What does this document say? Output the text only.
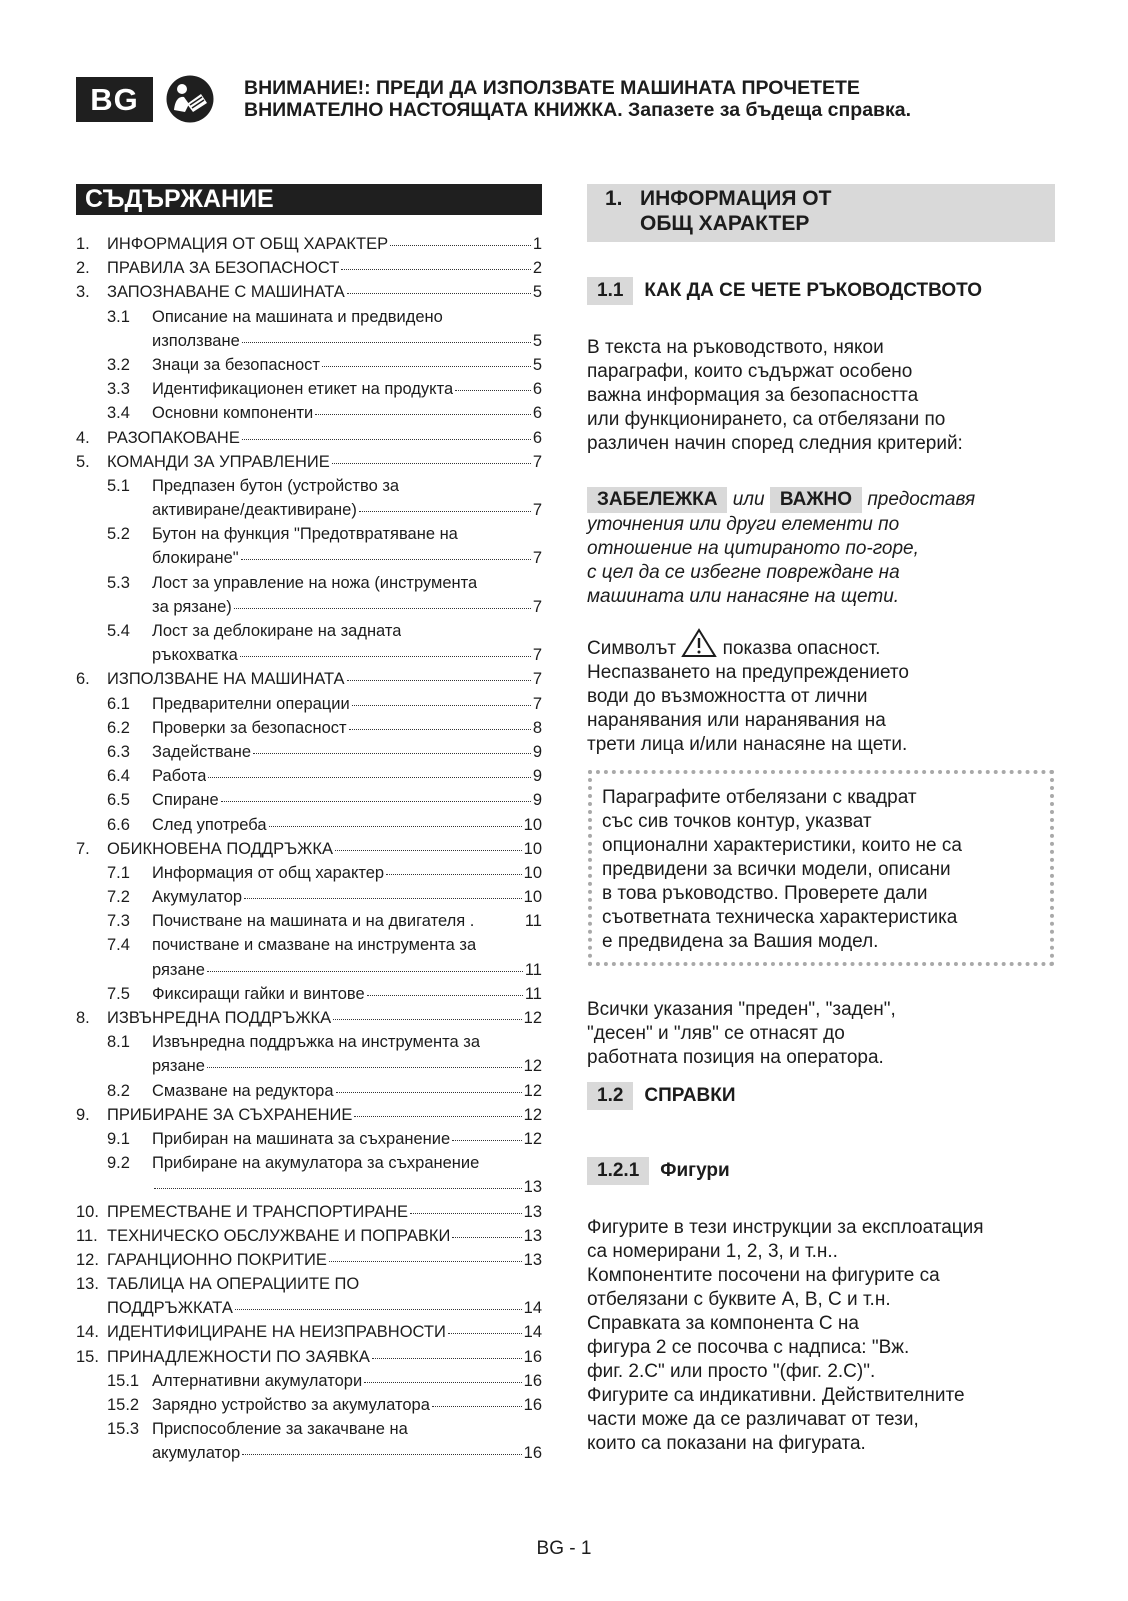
BG	ВНИМАНИЕ!: ПРЕДИ ДА ИЗПОЛЗВАТЕ МАШИНАТА ПРОЧЕТЕТЕ
ВНИМАТЕЛНО НАСТОЯЩАТА КНИЖКА. Запазете за бъдеща справка.
СЪДЪРЖАНИЕ
1.	ИНФОРМАЦИЯ ОТ ОБЩ ХАРАКТЕР	1
2.	ПРАВИЛА ЗА БЕЗОПАСНОСТ	2
3.	ЗАПОЗНАВАНЕ С МАШИНАТА	5
3.1	Описание на машината и предвидено
използване	5
3.2	Знаци за безопасност	5
3.3	Идентификационен етикет на продукта	6
3.4	Основни компоненти	6
4.	РАЗОПАКОВАНЕ	6
5.	КОМАНДИ ЗА УПРАВЛЕНИЕ	7
5.1	Предпазен бутон (устройство за
активиране/деактивиране)	7
5.2	Бутон на функция "Предотвратяване на
блокиране"	7
5.3	Лост за управление на ножа (инструмента
за рязане)	7
5.4	Лост за деблокиране на задната
ръкохватка	7
6.	ИЗПОЛЗВАНЕ НА МАШИНАТА	7
6.1	Предварителни операции	7
6.2	Проверки за безопасност	8
6.3	Задействане	9
6.4	Работа	9
6.5	Спиране	9
6.6	След употреба	10
7.	ОБИКНОВЕНА ПОДДРЪЖКА	10
7.1	Информация от общ характер	10
7.2	Акумулатор	10
7.3	Почистване на машината и на двигателя .	11
7.4	почистване и смазване на инструмента за
рязане	11
7.5	Фиксиращи гайки и винтове	11
8.	ИЗВЪНРЕДНА ПОДДРЪЖКА	12
8.1	Извънредна поддръжка на инструмента за
рязане	12
8.2	Смазване на редуктора	12
9.	ПРИБИРАНЕ ЗА СЪХРАНЕНИЕ	12
9.1	Прибиран на машината за съхранение	12
9.2	Прибиране на акумулатора за съхранение
13
10. ПРЕМЕСТВАНЕ И ТРАНСПОРТИРАНЕ	13
11. ТЕХНИЧЕСКО ОБСЛУЖВАНЕ И ПОПРАВКИ	13
12. ГАРАНЦИОННО ПОКРИТИЕ	13
13. ТАБЛИЦА НА ОПЕРАЦИИТЕ ПО
ПОДДРЪЖКАТА	14
14. ИДЕНТИФИЦИРАНЕ НА НЕИЗПРАВНОСТИ	14
15. ПРИНАДЛЕЖНОСТИ ПО ЗАЯВКА	16
15.1 Алтернативни акумулатори	16
15.2 Зарядно устройство за акумулатора	16
15.3 Приспособление за закачване на
акумулатор	16
1. ИНФОРМАЦИЯ ОТ
ОБЩ ХАРАКТЕР
1.1	КАК ДА СЕ ЧЕТЕ РЪКОВОДСТВОТО
В текста на ръководството, някои
параграфи, които съдържат особено
важна информация за безопасността
или функционирането, са отбелязани по
различен начин според следния критерий:
ЗАБЕЛЕЖКА или ВАЖНО предоставя
уточнения или други елементи по
отношение на цитираното по-горе,
с цел да се избегне повреждане на
машината или нанасяне на щети.
Символът показва опасност.
Неспазването на предупреждението
води до възможността от лични
наранявания или наранявания на
трети лица и/или нанасяне на щети.
Параграфите отбелязани с квадрат
със сив точков контур, указват
опционални характеристики, които не са
предвидени за всички модели, описани
в това ръководство. Проверете дали
съответната техническа характеристика
е предвидена за Вашия модел.
Всички указания "преден", "заден",
"десен" и "ляв" се отнасят до
работната позиция на оператора.
1.2	СПРАВКИ
1.2.1	Фигури
Фигурите в тези инструкции за експлоатация
са номерирани 1, 2, 3, и т.н..
Компонентите посочени на фигурите са
отбелязани с буквите А, В, С и т.н.
Справката за компонента С на
фигура 2 се посочва с надписа: "Вж.
фиг. 2.С" или просто "(фиг. 2.С)".
Фигурите са индикативни. Действителните
части може да се различават от тези,
които са показани на фигурата.
BG - 1
